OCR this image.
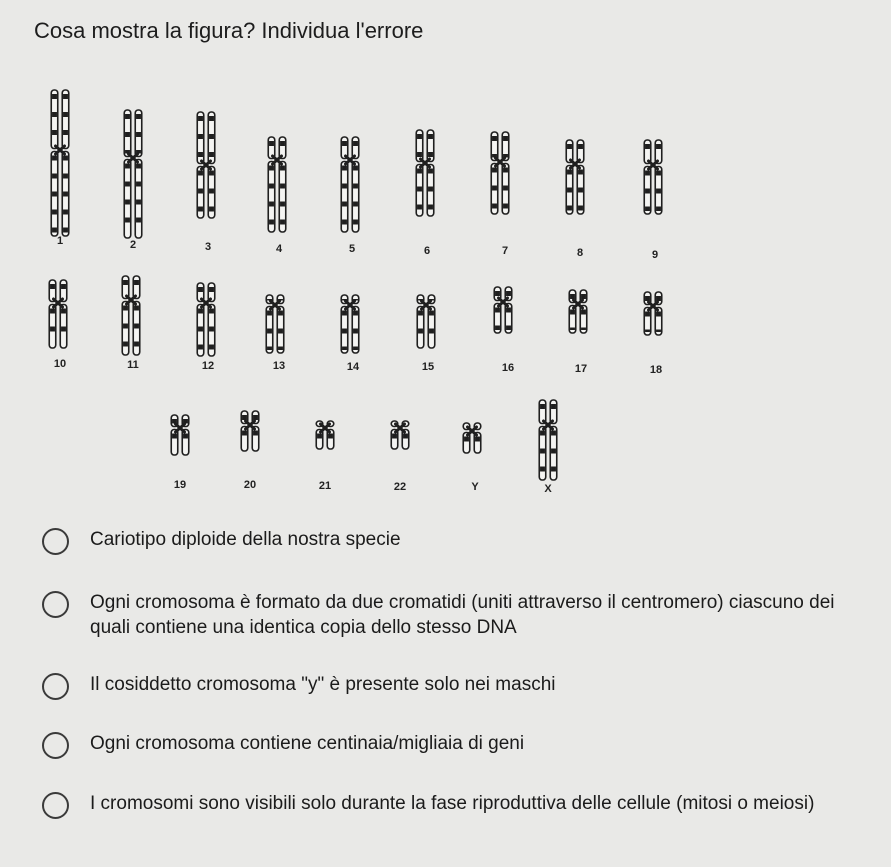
Cosa mostra la figura? Individua l'errore
1	2	3	4	5	6	7	8	9
10	11	12	13	14	15	16	17	18
19	20	21	22	Y	X
Cariotipo diploide della nostra specie
Ogni cromosoma è formato da due cromatidi (uniti attraverso il centromero) ciascuno dei quali contiene una identica copia dello stesso DNA
Il cosiddetto cromosoma "y" è presente solo nei maschi
Ogni cromosoma contiene centinaia/migliaia di geni
I cromosomi sono visibili solo durante la fase riproduttiva delle cellule (mitosi o meiosi)
